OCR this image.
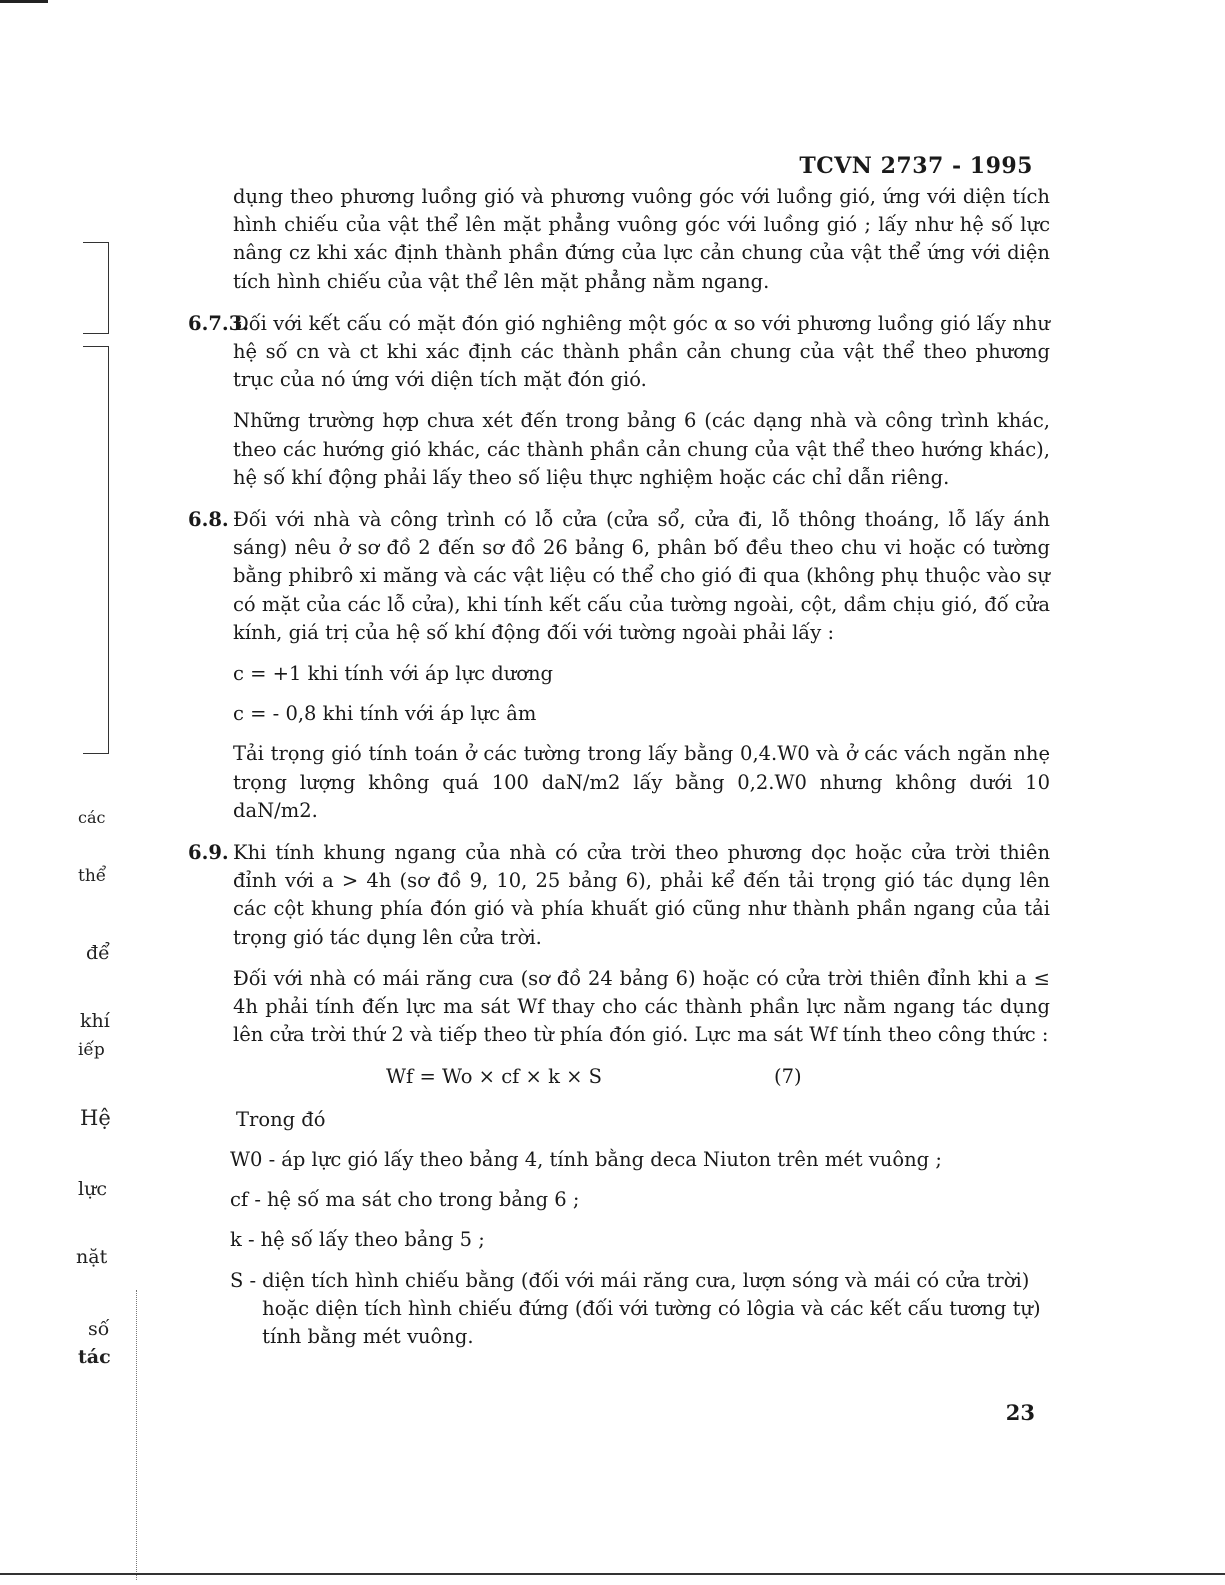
các
thể
để
khí
iếp
Hệ
lực
nặt
số
tác
TCVN 2737 - 1995

dụng theo phương luồng gió và phương vuông góc với luồng gió, ứng với diện tích hình chiếu của vật thể lên mặt phẳng vuông góc với luồng gió ; lấy như hệ số lực nâng cz khi xác định thành phần đứng của lực cản chung của vật thể ứng với diện tích hình chiếu của vật thể lên mặt phẳng nằm ngang.

6.7.3.
Đối với kết cấu có mặt đón gió nghiêng một góc α so với phương luồng gió lấy như hệ số cn và ct khi xác định các thành phần cản chung của vật thể theo phương trục của nó ứng với diện tích mặt đón gió.

Những trường hợp chưa xét đến trong bảng 6 (các dạng nhà và công trình khác, theo các hướng gió khác, các thành phần cản chung của vật thể theo hướng khác), hệ số khí động phải lấy theo số liệu thực nghiệm hoặc các chỉ dẫn riêng.

6.8. Đối với nhà và công trình có lỗ cửa (cửa sổ, cửa đi, lỗ thông thoáng, lỗ lấy ánh sáng) nêu ở sơ đồ 2 đến sơ đồ 26 bảng 6, phân bố đều theo chu vi hoặc có tường bằng phibrô xi măng và các vật liệu có thể cho gió đi qua (không phụ thuộc vào sự có mặt của các lỗ cửa), khi tính kết cấu của tường ngoài, cột, dầm chịu gió, đố cửa kính, giá trị của hệ số khí động đối với tường ngoài phải lấy :
c = +1 khi tính với áp lực dương
c = - 0,8 khi tính với áp lực âm

Tải trọng gió tính toán ở các tường trong lấy bằng 0,4.W0 và ở các vách ngăn nhẹ trọng lượng không quá 100 daN/m2 lấy bằng 0,2.W0 nhưng không dưới 10 daN/m2.

6.9. Khi tính khung ngang của nhà có cửa trời theo phương dọc hoặc cửa trời thiên đỉnh với a > 4h (sơ đồ 9, 10, 25 bảng 6), phải kể đến tải trọng gió tác dụng lên các cột khung phía đón gió và phía khuất gió cũng như thành phần ngang của tải trọng gió tác dụng lên cửa trời.

Đối với nhà có mái răng cưa (sơ đồ 24 bảng 6) hoặc có cửa trời thiên đỉnh khi a ≤ 4h phải tính đến lực ma sát Wf thay cho các thành phần lực nằm ngang tác dụng lên cửa trời thứ 2 và tiếp theo từ phía đón gió. Lực ma sát Wf tính theo công thức :

Wf = Wo × cf × k × S	(7)
Trong đó
W0 - áp lực gió lấy theo bảng 4, tính bằng deca Niuton trên mét vuông ;
cf - hệ số ma sát cho trong bảng 6 ;
k - hệ số lấy theo bảng 5 ;
S - diện tích hình chiếu bằng (đối với mái răng cưa, lượn sóng và mái có cửa trời) hoặc diện tích hình chiếu đứng (đối với tường có lôgia và các kết cấu tương tự) tính bằng mét vuông.
23
